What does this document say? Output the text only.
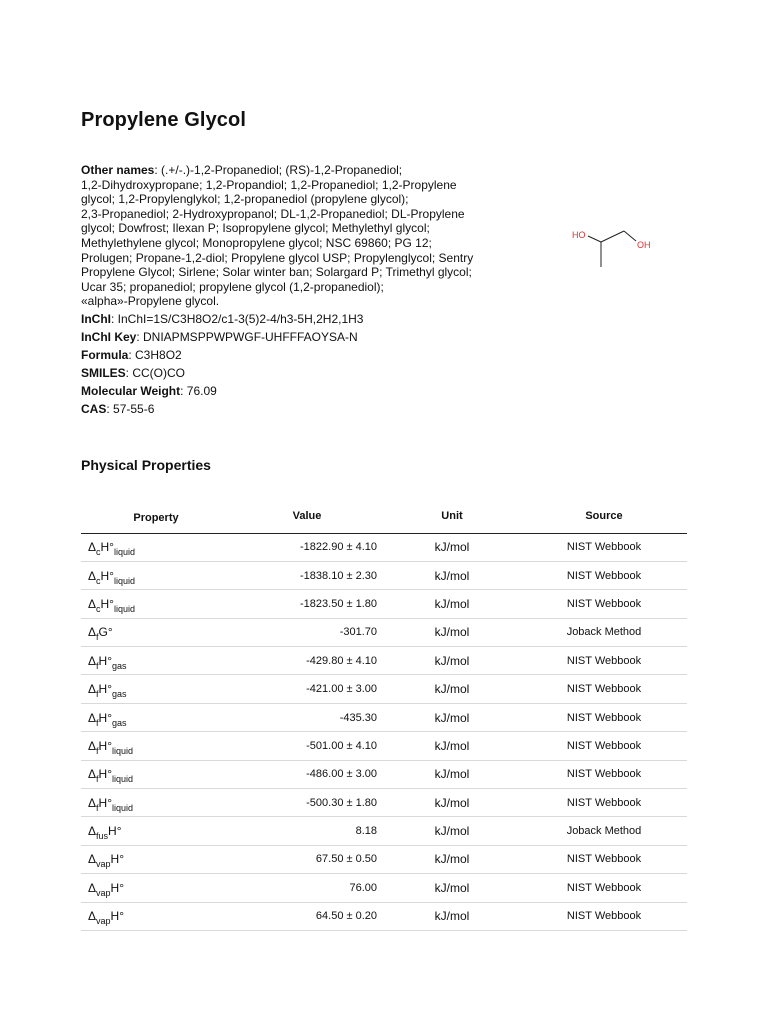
Propylene Glycol
Other names: (.+/-.)-1,2-Propanediol; (RS)-1,2-Propanediol;
1,2-Dihydroxypropane; 1,2-Propandiol; 1,2-Propanediol; 1,2-Propylene
glycol; 1,2-Propylenglykol; 1,2-propanediol (propylene glycol);
2,3-Propanediol; 2-Hydroxypropanol; DL-1,2-Propanediol; DL-Propylene
glycol; Dowfrost; Ilexan P; Isopropylene glycol; Methylethyl glycol;
Methylethylene glycol; Monopropylene glycol; NSC 69860; PG 12;
Prolugen; Propane-1,2-diol; Propylene glycol USP; Propylenglycol; Sentry
Propylene Glycol; Sirlene; Solar winter ban; Solargard P; Trimethyl glycol;
Ucar 35; propanediol; propylene glycol (1,2-propanediol);
«alpha»-Propylene glycol.
InChI: InChI=1S/C3H8O2/c1-3(5)2-4/h3-5H,2H2,1H3
InChI Key: DNIAPMSPPWPWGF-UHFFFAOYSA-N
Formula: C3H8O2
SMILES: CC(O)CO
Molecular Weight: 76.09
CAS: 57-55-6
HO
OH
Physical Properties
Property	Value	Unit	Source
$\Delta_cH^\circ_{liquid}$	-1822.90 ± 4.10	kJ/mol	NIST Webbook
$\Delta_cH^\circ_{liquid}$	-1838.10 ± 2.30	kJ/mol	NIST Webbook
$\Delta_cH^\circ_{liquid}$	-1823.50 ± 1.80	kJ/mol	NIST Webbook
$\Delta_fG^\circ$	-301.70	kJ/mol	Joback Method
$\Delta_fH^\circ_{gas}$	-429.80 ± 4.10	kJ/mol	NIST Webbook
$\Delta_fH^\circ_{gas}$	-421.00 ± 3.00	kJ/mol	NIST Webbook
$\Delta_fH^\circ_{gas}$	-435.30	kJ/mol	NIST Webbook
$\Delta_fH^\circ_{liquid}$	-501.00 ± 4.10	kJ/mol	NIST Webbook
$\Delta_fH^\circ_{liquid}$	-486.00 ± 3.00	kJ/mol	NIST Webbook
$\Delta_fH^\circ_{liquid}$	-500.30 ± 1.80	kJ/mol	NIST Webbook
$\Delta_{fus}H^\circ$	8.18	kJ/mol	Joback Method
$\Delta_{vap}H^\circ$	67.50 ± 0.50	kJ/mol	NIST Webbook
$\Delta_{vap}H^\circ$	76.00	kJ/mol	NIST Webbook
$\Delta_{vap}H^\circ$	64.50 ± 0.20	kJ/mol	NIST Webbook
